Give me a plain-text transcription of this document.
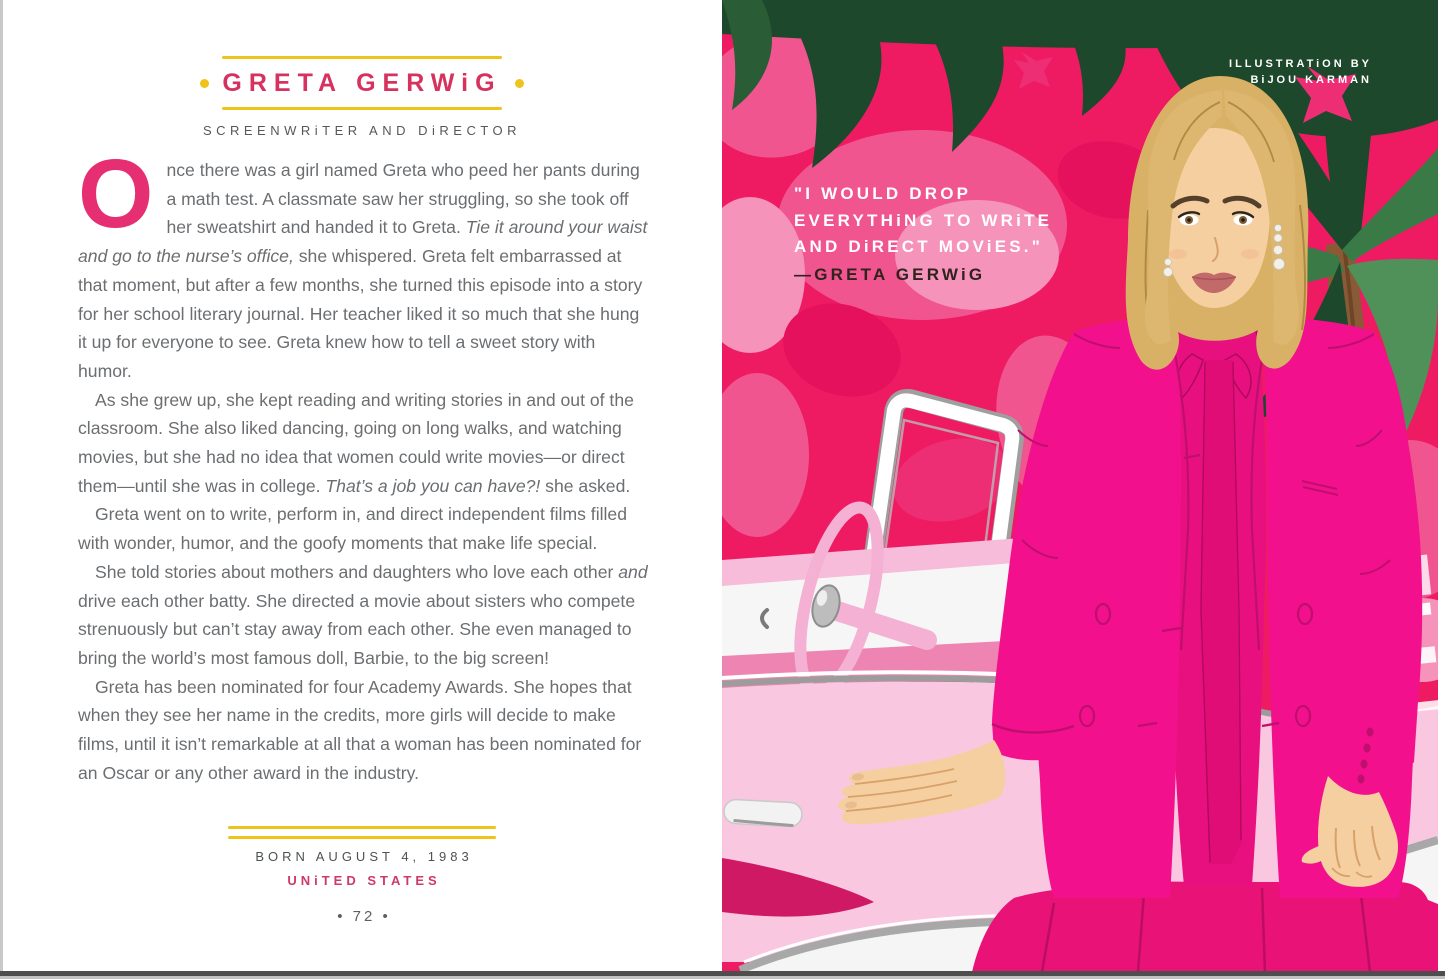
GRETA GERWiG
SCREENWRiTER AND DiRECTOR

Once there was a girl named Greta who peed her pants during a math test. A classmate saw her struggling, so she took off her sweatshirt and handed it to Greta. Tie it around your waist and go to the nurse’s office, she whispered. Greta felt embarrassed at that moment, but after a few months, she turned this episode into a story for her school literary journal. Her teacher liked it so much that she hung it up for everyone to see. Greta knew how to tell a sweet story with humor.

As she grew up, she kept reading and writing stories in and out of the classroom. She also liked dancing, going on long walks, and watching movies, but she had no idea that women could write movies—or direct them—until she was in college. That’s a job you can have?! she asked.

Greta went on to write, perform in, and direct independent films filled with wonder, humor, and the goofy moments that make life special.

She told stories about mothers and daughters who love each other and drive each other batty. She directed a movie about sisters who compete strenuously but can’t stay away from each other. She even managed to bring the world’s most famous doll, Barbie, to the big screen!

Greta has been nominated for four Academy Awards. She hopes that when they see her name in the credits, more girls will decide to make films, until it isn’t remarkable at all that a woman has been nominated for an Oscar or any other award in the industry.

BORN AUGUST 4, 1983
UNiTED STATES
• 72 •
ILLUSTRATiON BY
BiJOU KARMAN
"I WOULD DROP
EVERYTHiNG TO WRiTE
AND DiRECT MOViES."
—GRETA GERWiG
